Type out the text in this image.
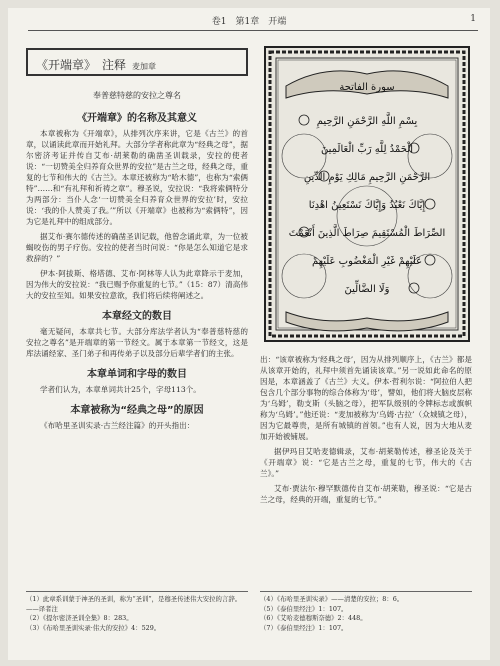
卷1　第1章　开端	1
《开端章》 注释 麦加章
奉普慈特慈的安拉之尊名
《开端章》的名称及其意义

本章被称为《开端章》，从排列次序来讲，它是《古兰》的首章，以诵读此章而开始礼拜。大部分学者称此章为“经典之母”，据尔密济考证并传自艾布·胡莱勒的确凿圣训载录，安拉的使者说：“一切赞美全归养育众世界的安拉”是古兰之母，经典之母，重复的七节和伟大的《古兰》。本章还被称为“哈木德”，也称为“索俩特”……和“有礼拜和祈祷之章”。穆圣说，安拉说：“我将索俩特分为两部分：当仆人念‘一切赞美全归养育众世界的安拉’时，安拉说：‘我的仆人赞美了我。’”所以《开端章》也被称为“索俩特”，因为它是礼拜中的组成部分。

据艾布·赛尔德传述的确凿圣训记载，他曾念诵此章，为一位被蝎咬伤的男子疗伤。安拉的使者当时问说：“你是怎么知道它是求救辞的？”

伊本·阿拔斯、格塔德、艾布·阿林等人认为此章降示于麦加，因为伟大的安拉说：“我已赐予你重复的七节。”（15：87）清高伟大的安拉至知。如果安拉意欲，我们将后续将阐述之。

本章经文的数目

毫无疑问，本章共七节。大部分库法学者认为“奉普慈特慈的安拉之尊名”是开端章的第一节经文。属于本章第一节经文，这是库法诵经家、圣门弟子和再传弟子以及部分后辈学者们的主张。

本章单词和字母的数目

学者们认为，本章单词共计25个，字母113个。

本章被称为“经典之母”的原因

《布哈里圣训实录·古兰经注篇》的开头指出：

（1）此章系训蒙于神圣的圣训，称为“圣训”，是穆圣传述伟大安拉的言辞。——译者注
（2）《提尔密济圣训全集》8：283。
（3）《布哈里圣训实录·伟大的安拉》4：529。
سورة الفاتحة
بِسْمِ اللَّهِ الرَّحْمَنِ الرَّحِيمِ
الْحَمْدُ لِلَّهِ رَبِّ الْعَالَمِينَ
الرَّحْمَنِ الرَّحِيمِ مَالِكِ يَوْمِ الدِّينِ
إِيَّاكَ نَعْبُدُ وَإِيَّاكَ نَسْتَعِينُ اهْدِنَا
الصِّرَاطَ الْمُسْتَقِيمَ صِرَاطَ الَّذِينَ أَنْعَمْتَ
عَلَيْهِمْ غَيْرِ الْمَغْضُوبِ عَلَيْهِمْ
وَلَا الضَّالِّينَ

出：“该章被称为‘经典之母’，因为从排列顺序上，《古兰》都是从该章开始的，礼拜中须首先诵读该章。”另一说如此命名的原因是，本章涵盖了《古兰》大义。伊本·哲利尔说：“阿拉伯人把包含几个部分事物的综合体称为‘母’，譬如，他们将大脑皮层称为‘乌姆’，勒支斯（头脑之母），把军队级别的令牌标志或旗帜称为‘乌姆’。”他还说：“麦加被称为‘乌姆·古拉’（众城镇之母），因为它最尊贵，是所有城镇的首领。”也有人说，因为大地从麦加开始被铺展。

据伊玛目艾哈麦德辑录，艾布·胡莱勒传述，穆圣论及关于《开端章》说：“它是古兰之母，重复的七节，伟大的《古兰》。”

艾布·贾法尔·穆罕默德传自艾布·胡莱勒，穆圣说：“它是古兰之母，经典的开端，重复的七节。”

（4）《布哈里圣训实录》——清楚的安拉；8：6。
（5）《泰伯里经注》1：107。
（6）《艾哈麦德穆斯奈德》2：448。
（7）《泰伯里经注》1：107。
